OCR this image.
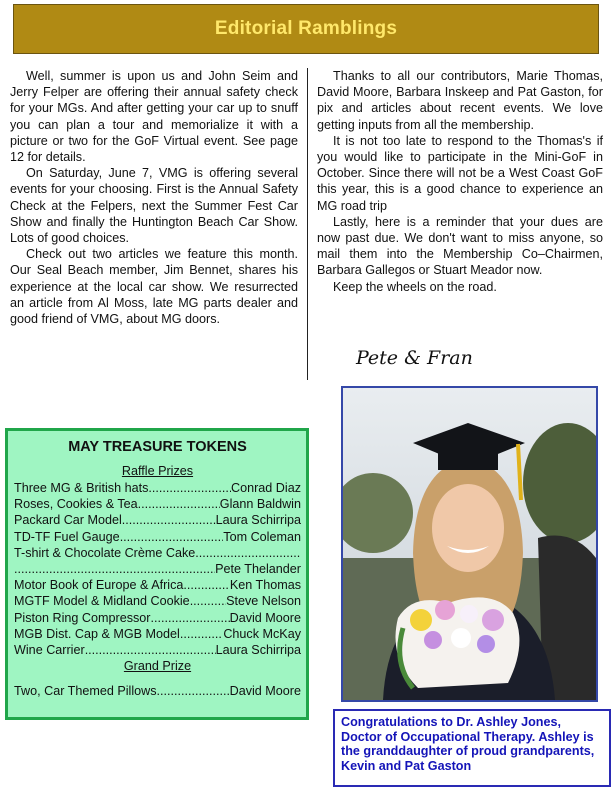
Editorial Ramblings

Well, summer is upon us and John Seim and Jerry Felper are offering their annual safety check for your MGs. And after getting your car up to snuff you can plan a tour and memorialize it with a picture or two for the GoF Virtual event. See page 12 for details.

On Saturday, June 7, VMG is offering several events for your choosing. First is the Annual Safety Check at the Felpers, next the Summer Fest Car Show and finally the Huntington Beach Car Show. Lots of good choices.

Check out two articles we feature this month. Our Seal Beach member, Jim Bennet, shares his experience at the local car show. We resurrected an article from Al Moss, late MG parts dealer and good friend of VMG, about MG doors.

Thanks to all our contributors, Marie Thomas, David Moore, Barbara Inskeep and Pat Gaston, for pix and articles about recent events. We love getting inputs from all the membership.

It is not too late to respond to the Thomas's if you would like to participate in the Mini-GoF in October. Since there will not be a West Coast GoF this year, this is a good chance to experience an MG road trip

Lastly, here is a reminder that your dues are now past due. We don't want to miss anyone, so mail them into the Membership Co–Chairmen, Barbara Gallegos or Stuart Meador now.

Keep the wheels on the road.

Pete & Fran
MAY TREASURE TOKENS
Raffle Prizes
Three MG & British hats .....	Conrad Diaz
Roses, Cookies & Tea .....	Glann Baldwin
Packard Car Model .....	Laura Schirripa
TD-TF Fuel Gauge .....	Tom Coleman
T-shirt & Chocolate Crème Cake
.....
.....
Pete Thelander
Motor Book of Europe & Africa .....	Ken Thomas
MGTF Model & Midland Cookie .....	Steve Nelson
Piston Ring Compressor .....	David Moore
MGB Dist. Cap & MGB Model .....	Chuck McKay
Wine Carrier .....	Laura Schirripa
Grand Prize
Two, Car Themed Pillows .....	David Moore
Congratulations to Dr. Ashley Jones, Doctor of Occupational Therapy. Ashley is the granddaughter of proud grandparents, Kevin and Pat Gaston
